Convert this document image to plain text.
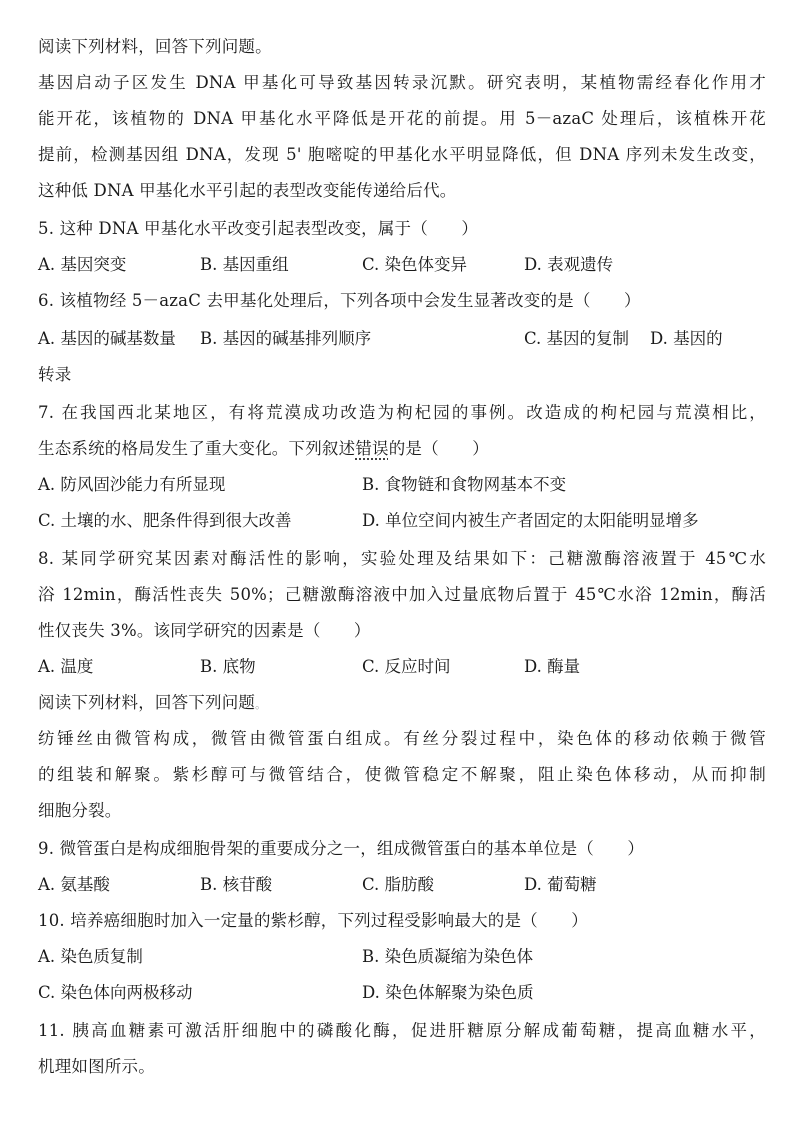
阅读下列材料，回答下列问题。
基因启动子区发生 DNA 甲基化可导致基因转录沉默。研究表明，某植物需经春化作用才
能开花，该植物的 DNA 甲基化水平降低是开花的前提。用 5－azaC 处理后，该植株开花
提前，检测基因组 DNA，发现 5' 胞嘧啶的甲基化水平明显降低，但 DNA 序列未发生改变，
这种低 DNA 甲基化水平引起的表型改变能传递给后代。
5. 这种 DNA 甲基化水平改变引起表型改变，属于（　　）
A. 基因突变	B. 基因重组	C. 染色体变异	D. 表观遗传
6. 该植物经 5－azaC 去甲基化处理后，下列各项中会发生显著改变的是（　　）
A. 基因的碱基数量 B. 基因的碱基排列顺序	C. 基因的复制 D. 基因的
转录
7. 在我国西北某地区，有将荒漠成功改造为枸杞园的事例。改造成的枸杞园与荒漠相比，
生态系统的格局发生了重大变化。下列叙述错误的是（　　）
A. 防风固沙能力有所显现	B. 食物链和食物网基本不变
C. 土壤的水、肥条件得到很大改善	D. 单位空间内被生产者固定的太阳能明显增多
8. 某同学研究某因素对酶活性的影响，实验处理及结果如下：己糖激酶溶液置于 45℃水
浴 12min，酶活性丧失 50%；己糖激酶溶液中加入过量底物后置于 45℃水浴 12min，酶活
性仅丧失 3%。该同学研究的因素是（　　）
A. 温度	B. 底物	C. 反应时间	D. 酶量
阅读下列材料，回答下列问题。
纺锤丝由微管构成，微管由微管蛋白组成。有丝分裂过程中，染色体的移动依赖于微管
的组装和解聚。紫杉醇可与微管结合，使微管稳定不解聚，阻止染色体移动，从而抑制
细胞分裂。
9. 微管蛋白是构成细胞骨架的重要成分之一，组成微管蛋白的基本单位是（　　）
A. 氨基酸	B. 核苷酸	C. 脂肪酸	D. 葡萄糖
10. 培养癌细胞时加入一定量的紫杉醇，下列过程受影响最大的是（　　）
A. 染色质复制	B. 染色质凝缩为染色体
C. 染色体向两极移动	D. 染色体解聚为染色质
11. 胰高血糖素可激活肝细胞中的磷酸化酶，促进肝糖原分解成葡萄糖，提高血糖水平，
机理如图所示。
